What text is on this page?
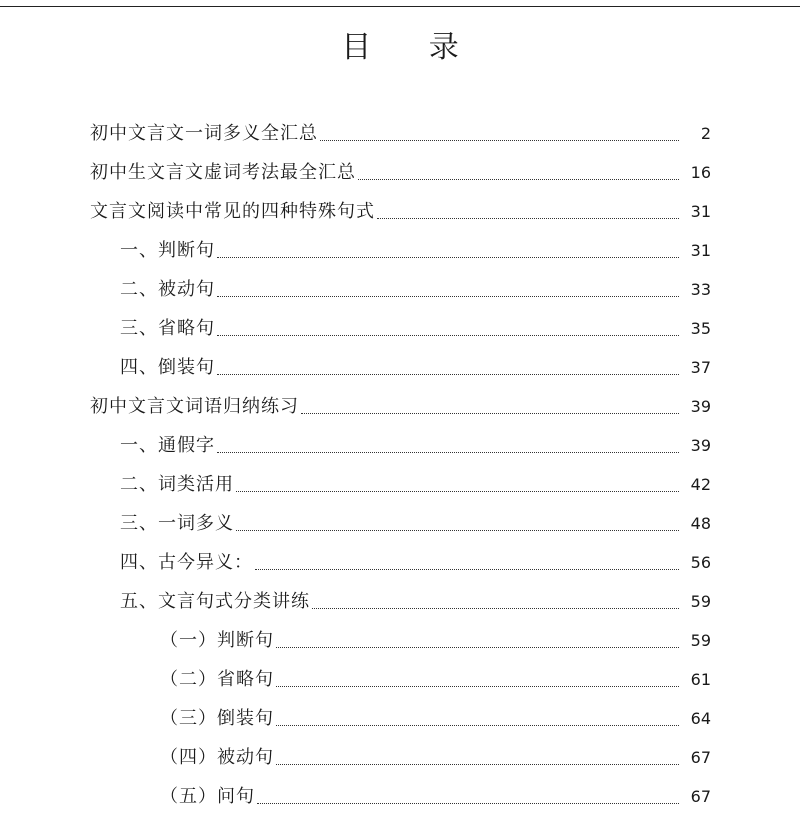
目 录
初中文言文一词多义全汇总	2
初中生文言文虚词考法最全汇总	16
文言文阅读中常见的四种特殊句式	31
一、判断句	31
二、被动句	33
三、省略句	35
四、倒装句	37
初中文言文词语归纳练习	39
一、通假字	39
二、词类活用	42
三、一词多义	48
四、古今异义：	56
五、文言句式分类讲练	59
（一）判断句	59
（二）省略句	61
（三）倒装句	64
（四）被动句	67
（五）问句	67
